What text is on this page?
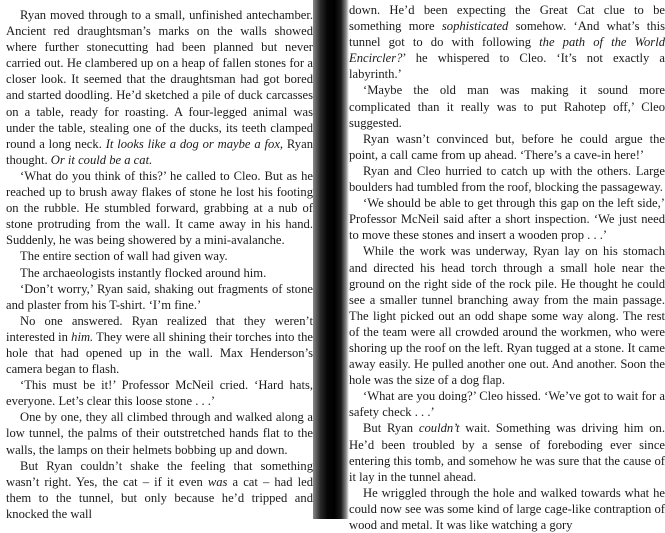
Ryan moved through to a small, unfinished antechamber. Ancient red draughtsman’s marks on the walls showed where further stonecutting had been planned but never carried out. He clambered up on a heap of fallen stones for a closer look. It seemed that the draughtsman had got bored and started doodling. He’d sketched a pile of duck carcasses on a table, ready for roasting. A four-legged animal was under the table, stealing one of the ducks, its teeth clamped round a long neck. It looks like a dog or maybe a fox, Ryan thought. Or it could be a cat.

‘What do you think of this?’ he called to Cleo. But as he reached up to brush away flakes of stone he lost his footing on the rubble. He stumbled forward, grabbing at a nub of stone protruding from the wall. It came away in his hand. Suddenly, he was being showered by a mini-avalanche.

The entire section of wall had given way.

The archaeologists instantly flocked around him.

‘Don’t worry,’ Ryan said, shaking out fragments of stone and plaster from his T-shirt. ‘I’m fine.’

No one answered. Ryan realized that they weren’t interested in him. They were all shining their torches into the hole that had opened up in the wall. Max Henderson’s camera began to flash.

‘This must be it!’ Professor McNeil cried. ‘Hard hats, everyone. Let’s clear this loose stone . . .’

One by one, they all climbed through and walked along a low tunnel, the palms of their outstretched hands flat to the walls, the lamps on their helmets bobbing up and down.

But Ryan couldn’t shake the feeling that something wasn’t right. Yes, the cat – if it even was a cat – had led them to the tunnel, but only because he’d tripped and knocked the wall

down. He’d been expecting the Great Cat clue to be something more sophisticated somehow. ‘And what’s this tunnel got to do with following the path of the World Encircler?’ he whispered to Cleo. ‘It’s not exactly a labyrinth.’

‘Maybe the old man was making it sound more complicated than it really was to put Rahotep off,’ Cleo suggested.

Ryan wasn’t convinced but, before he could argue the point, a call came from up ahead. ‘There’s a cave-in here!’

Ryan and Cleo hurried to catch up with the others. Large boulders had tumbled from the roof, blocking the passageway.

‘We should be able to get through this gap on the left side,’ Professor McNeil said after a short inspection. ‘We just need to move these stones and insert a wooden prop . . .’

While the work was underway, Ryan lay on his stomach and directed his head torch through a small hole near the ground on the right side of the rock pile. He thought he could see a smaller tunnel branching away from the main passage. The light picked out an odd shape some way along. The rest of the team were all crowded around the workmen, who were shoring up the roof on the left. Ryan tugged at a stone. It came away easily. He pulled another one out. And another. Soon the hole was the size of a dog flap.

‘What are you doing?’ Cleo hissed. ‘We’ve got to wait for a safety check . . .’

But Ryan couldn’t wait. Something was driving him on. He’d been troubled by a sense of foreboding ever since entering this tomb, and somehow he was sure that the cause of it lay in the tunnel ahead.

He wriggled through the hole and walked towards what he could now see was some kind of large cage-like contraption of wood and metal. It was like watching a gory
